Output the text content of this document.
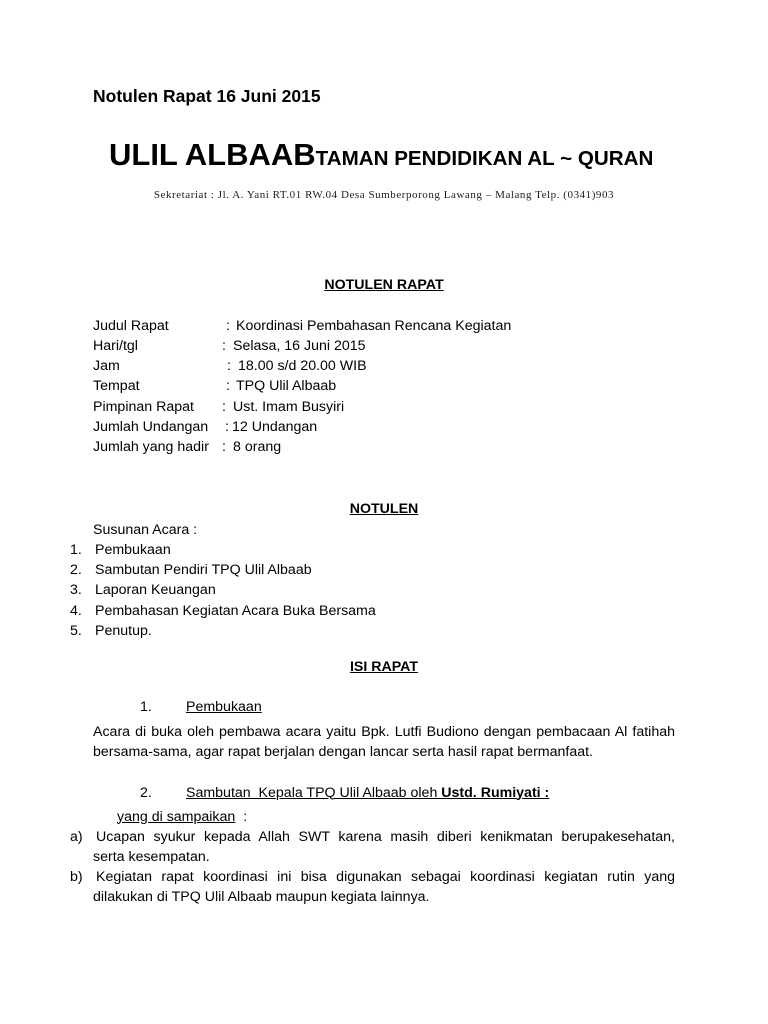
Notulen Rapat 16 Juni 2015
ULIL ALBAABTAMAN PENDIDIKAN AL ~ QURAN
Sekretariat : Jl. A. Yani RT.01 RW.04 Desa Sumberporong Lawang – Malang Telp. (0341)903
NOTULEN RAPAT
Judul Rapat	: Koordinasi Pembahasan Rencana Kegiatan
Hari/tgl	: Selasa, 16 Juni 2015
Jam	: 18.00 s/d 20.00 WIB
Tempat	: TPQ Ulil Albaab
Pimpinan Rapat : Ust. Imam Busyiri
Jumlah Undangan : 12 Undangan
Jumlah yang hadir : 8 orang
NOTULEN
Susunan Acara :
1. Pembukaan
2. Sambutan Pendiri TPQ Ulil Albaab
3. Laporan Keuangan
4. Pembahasan Kegiatan Acara Buka Bersama
5. Penutup.
ISI RAPAT
1. Pembukaan
Acara di buka oleh pembawa acara yaitu Bpk. Lutfi Budiono dengan pembacaan Al fatihah
bersama-sama, agar rapat berjalan dengan lancar serta hasil rapat bermanfaat.
2. Sambutan  Kepala TPQ Ulil Albaab oleh Ustd. Rumiyati :
yang di sampaikan  :
a) Ucapan syukur kepada Allah SWT karena masih diberi kenikmatan berupakesehatan,
serta kesempatan.
b) Kegiatan rapat koordinasi ini bisa digunakan sebagai koordinasi kegiatan rutin yang
dilakukan di TPQ Ulil Albaab maupun kegiata lainnya.
